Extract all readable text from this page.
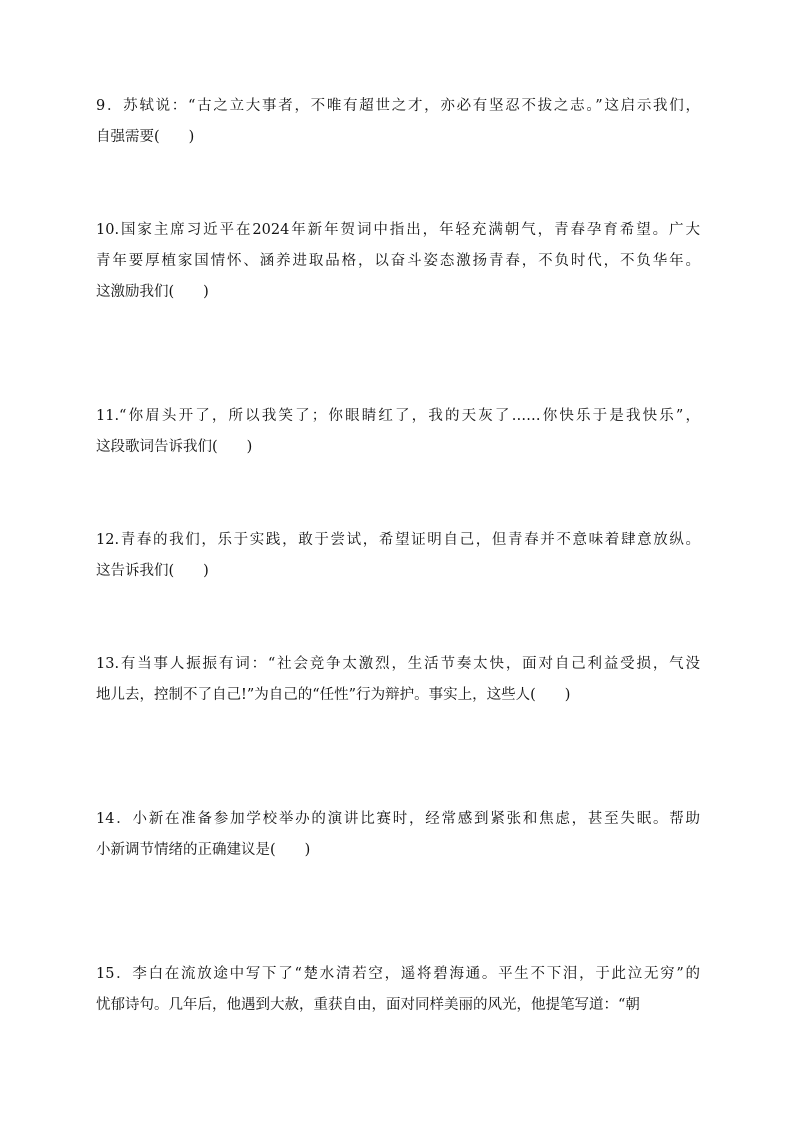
9．苏轼说：“古之立大事者，不唯有超世之才，亦必有坚忍不拔之志。”这启示我们，
自强需要(　　)
10.国家主席习近平在2024年新年贺词中指出，年轻充满朝气，青春孕育希望。广大
青年要厚植家国情怀、涵养进取品格，以奋斗姿态激扬青春，不负时代，不负华年。
这激励我们(　　)
11.“你眉头开了，所以我笑了；你眼睛红了，我的天灰了……你快乐于是我快乐”，
这段歌词告诉我们(　　)
12.青春的我们，乐于实践，敢于尝试，希望证明自己，但青春并不意味着肆意放纵。
这告诉我们(　　)
13.有当事人振振有词：“社会竞争太激烈，生活节奏太快，面对自己利益受损，气没
地儿去，控制不了自己!”为自己的“任性”行为辩护。事实上，这些人(　　)
14．小新在准备参加学校举办的演讲比赛时，经常感到紧张和焦虑，甚至失眠。帮助
小新调节情绪的正确建议是(　　)
15．李白在流放途中写下了“楚水清若空，遥将碧海通。平生不下泪，于此泣无穷”的
忧郁诗句。几年后，他遇到大赦，重获自由，面对同样美丽的风光，他提笔写道：“朝
